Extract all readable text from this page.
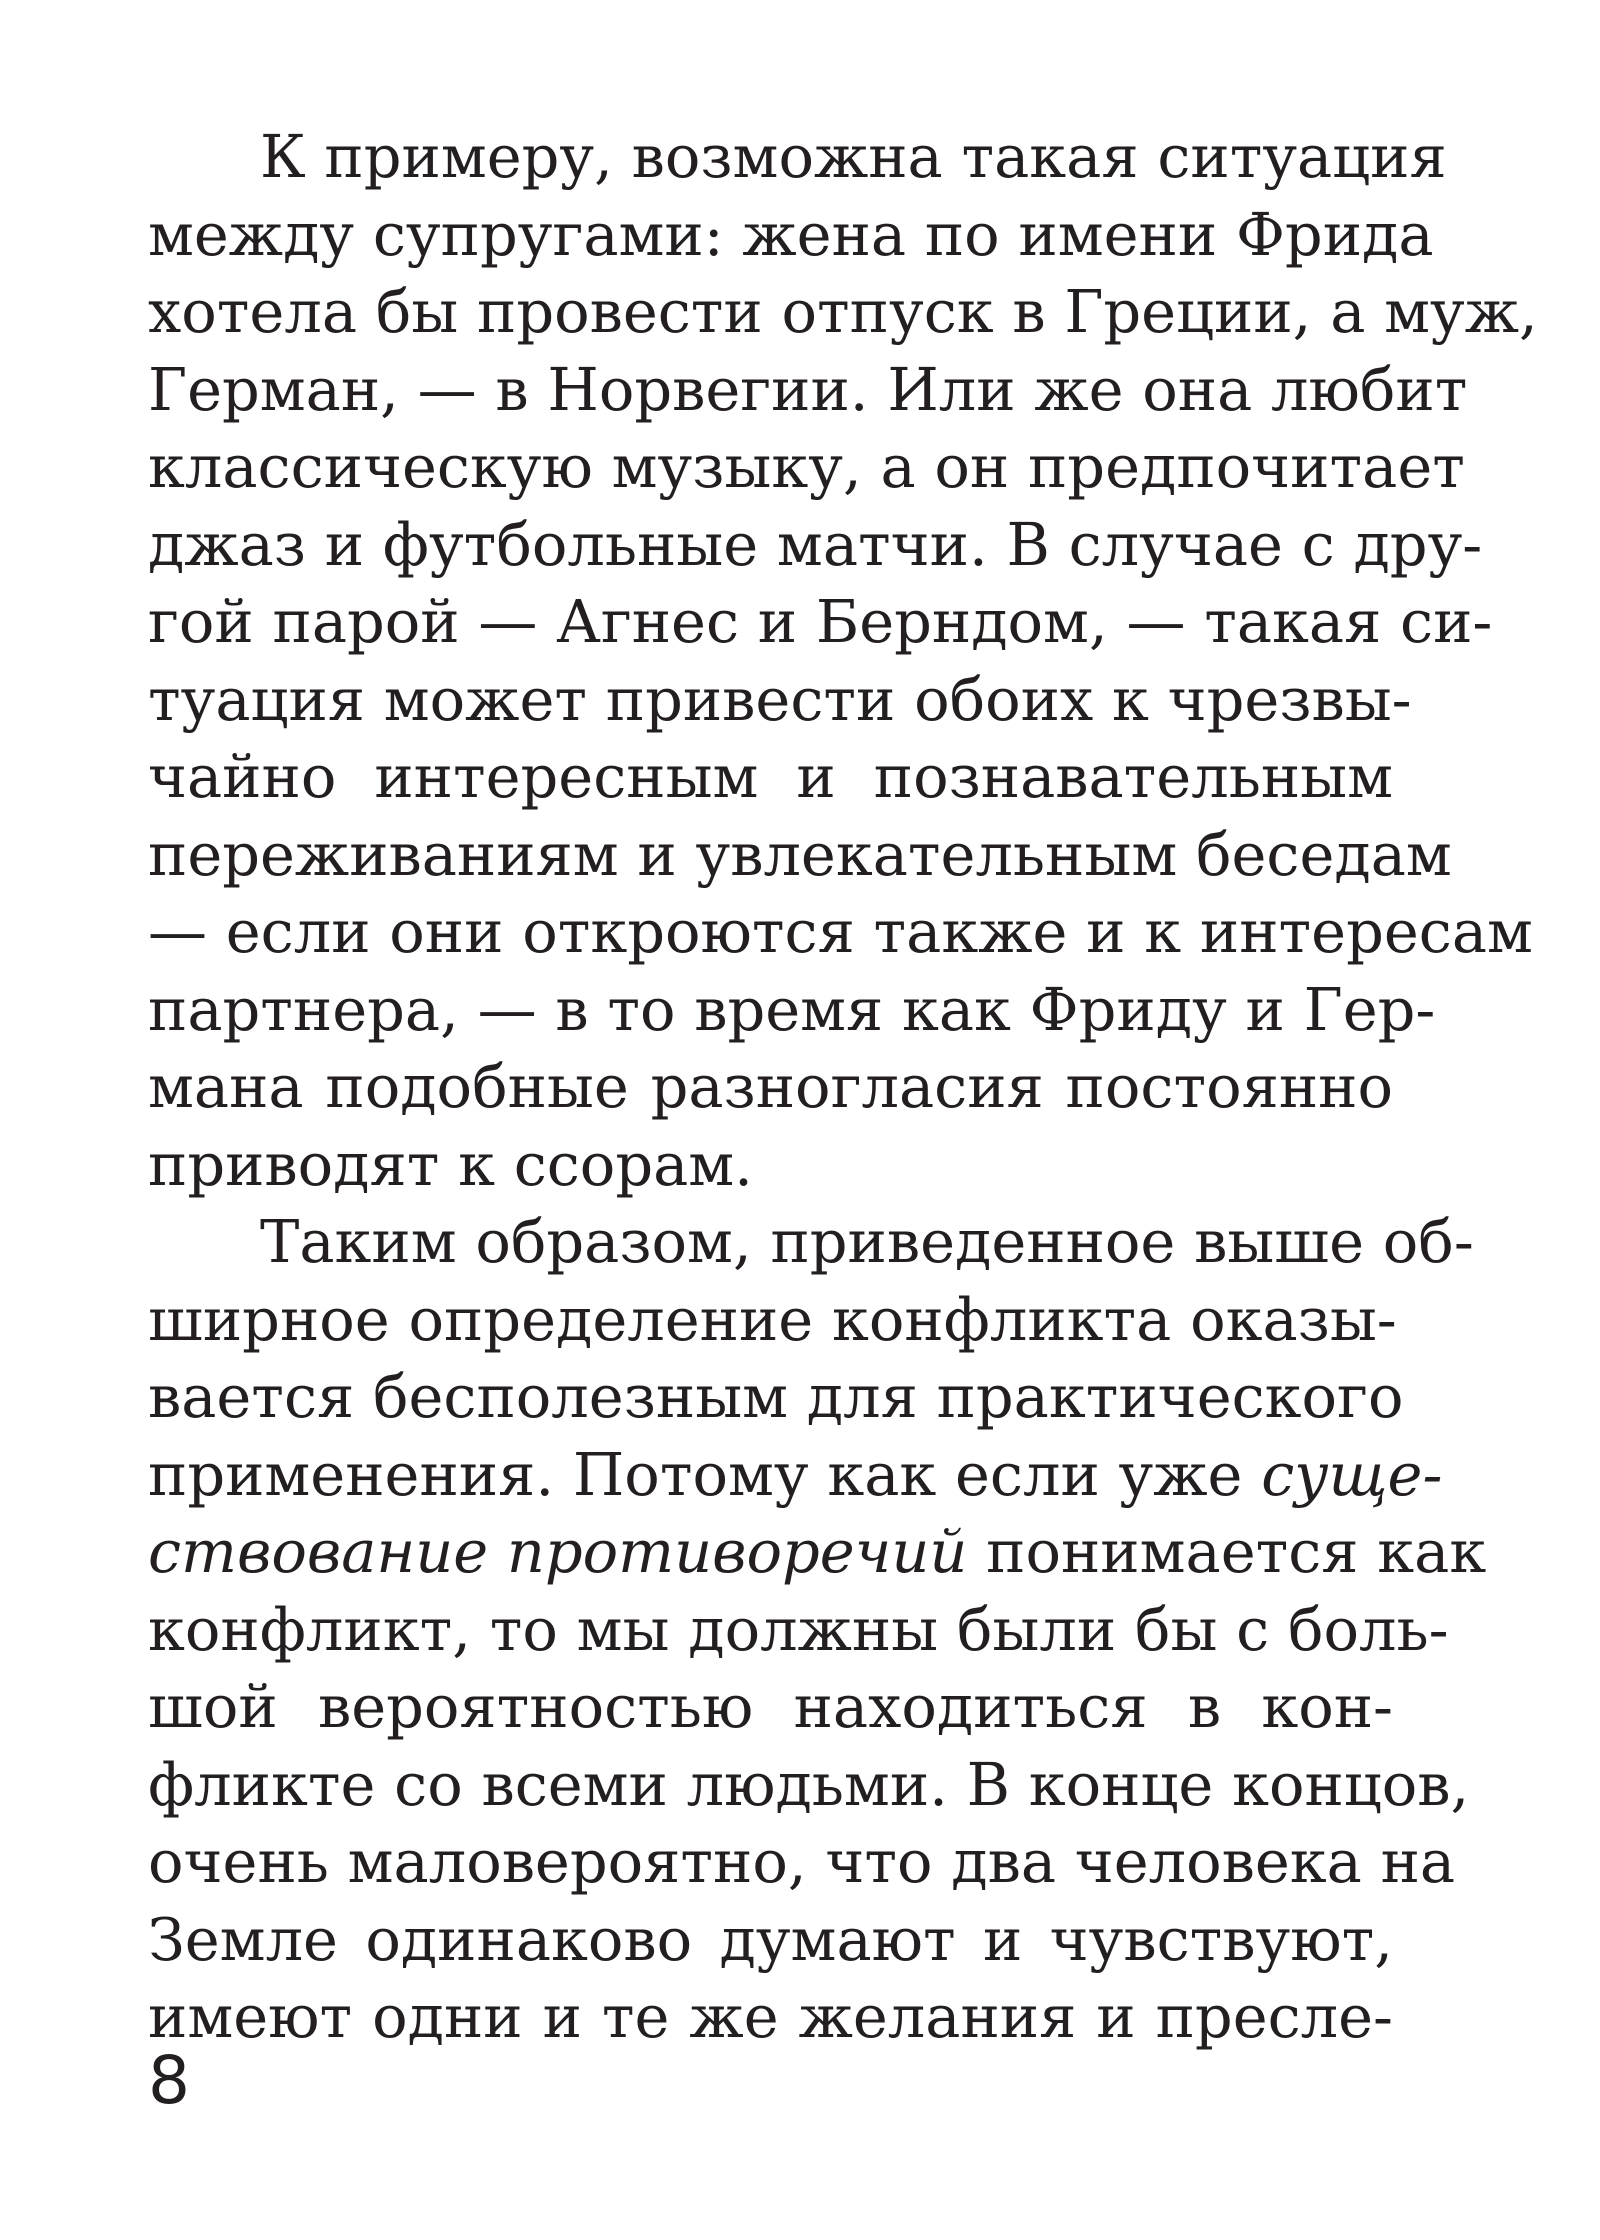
К примеру, возможна такая ситуация
между супругами: жена по имени Фрида
хотела бы провести отпуск в Греции, а муж,
Герман, — в Норвегии. Или же она любит
классическую музыку, а он предпочитает
джаз и футбольные матчи. В случае с дру-
гой парой — Агнес и Берндом, — такая си-
туация может привести обоих к чрезвы-
чайно интересным и познавательным
переживаниям и увлекательным беседам
— если они откроются также и к интересам
партнера, — в то время как Фриду и Гер-
мана подобные разногласия постоянно
приводят к ссорам.
Таким образом, приведенное выше об-
ширное определение конфликта оказы-
вается бесполезным для практического
применения. Потому как если уже суще-
ствование противоречий понимается как
конфликт, то мы должны были бы с боль-
шой вероятностью находиться в кон-
фликте со всеми людьми. В конце концов,
очень маловероятно, что два человека на
Земле одинаково думают и чувствуют,
имеют одни и те же желания и пресле-
8
